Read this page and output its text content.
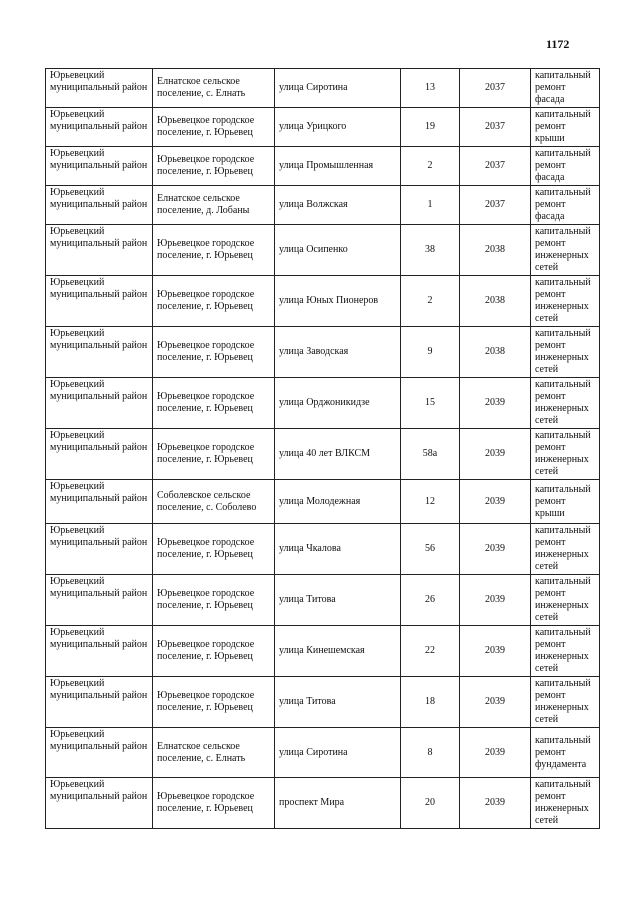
1172
Юрьевецкий муниципальный район	Елнатское сельское поселение, с. Елнать	улица Сиротина	13	2037	капитальный ремонт фасада
Юрьевецкий муниципальный район	Юрьевецкое городское поселение, г. Юрьевец	улица Урицкого	19	2037	капитальный ремонт крыши
Юрьевецкий муниципальный район	Юрьевецкое городское поселение, г. Юрьевец	улица Промышленная	2	2037	капитальный ремонт фасада
Юрьевецкий муниципальный район	Елнатское сельское поселение, д. Лобаны	улица Волжская	1	2037	капитальный ремонт фасада
Юрьевецкий муниципальный район	Юрьевецкое городское поселение, г. Юрьевец	улица Осипенко	38	2038	капитальный ремонт инженерных сетей
Юрьевецкий муниципальный район	Юрьевецкое городское поселение, г. Юрьевец	улица Юных Пионеров	2	2038	капитальный ремонт инженерных сетей
Юрьевецкий муниципальный район	Юрьевецкое городское поселение, г. Юрьевец	улица Заводская	9	2038	капитальный ремонт инженерных сетей
Юрьевецкий муниципальный район	Юрьевецкое городское поселение, г. Юрьевец	улица Орджоникидзе	15	2039	капитальный ремонт инженерных сетей
Юрьевецкий муниципальный район	Юрьевецкое городское поселение, г. Юрьевец	улица 40 лет ВЛКСМ	58а	2039	капитальный ремонт инженерных сетей
Юрьевецкий муниципальный район	Соболевское сельское поселение, с. Соболево	улица Молодежная	12	2039	капитальный ремонт крыши
Юрьевецкий муниципальный район	Юрьевецкое городское поселение, г. Юрьевец	улица Чкалова	56	2039	капитальный ремонт инженерных сетей
Юрьевецкий муниципальный район	Юрьевецкое городское поселение, г. Юрьевец	улица Титова	26	2039	капитальный ремонт инженерных сетей
Юрьевецкий муниципальный район	Юрьевецкое городское поселение, г. Юрьевец	улица Кинешемская	22	2039	капитальный ремонт инженерных сетей
Юрьевецкий муниципальный район	Юрьевецкое городское поселение, г. Юрьевец	улица Титова	18	2039	капитальный ремонт инженерных сетей
Юрьевецкий муниципальный район	Елнатское сельское поселение, с. Елнать	улица Сиротина	8	2039	капитальный ремонт фундамента
Юрьевецкий муниципальный район	Юрьевецкое городское поселение, г. Юрьевец	проспект Мира	20	2039	капитальный ремонт инженерных сетей
